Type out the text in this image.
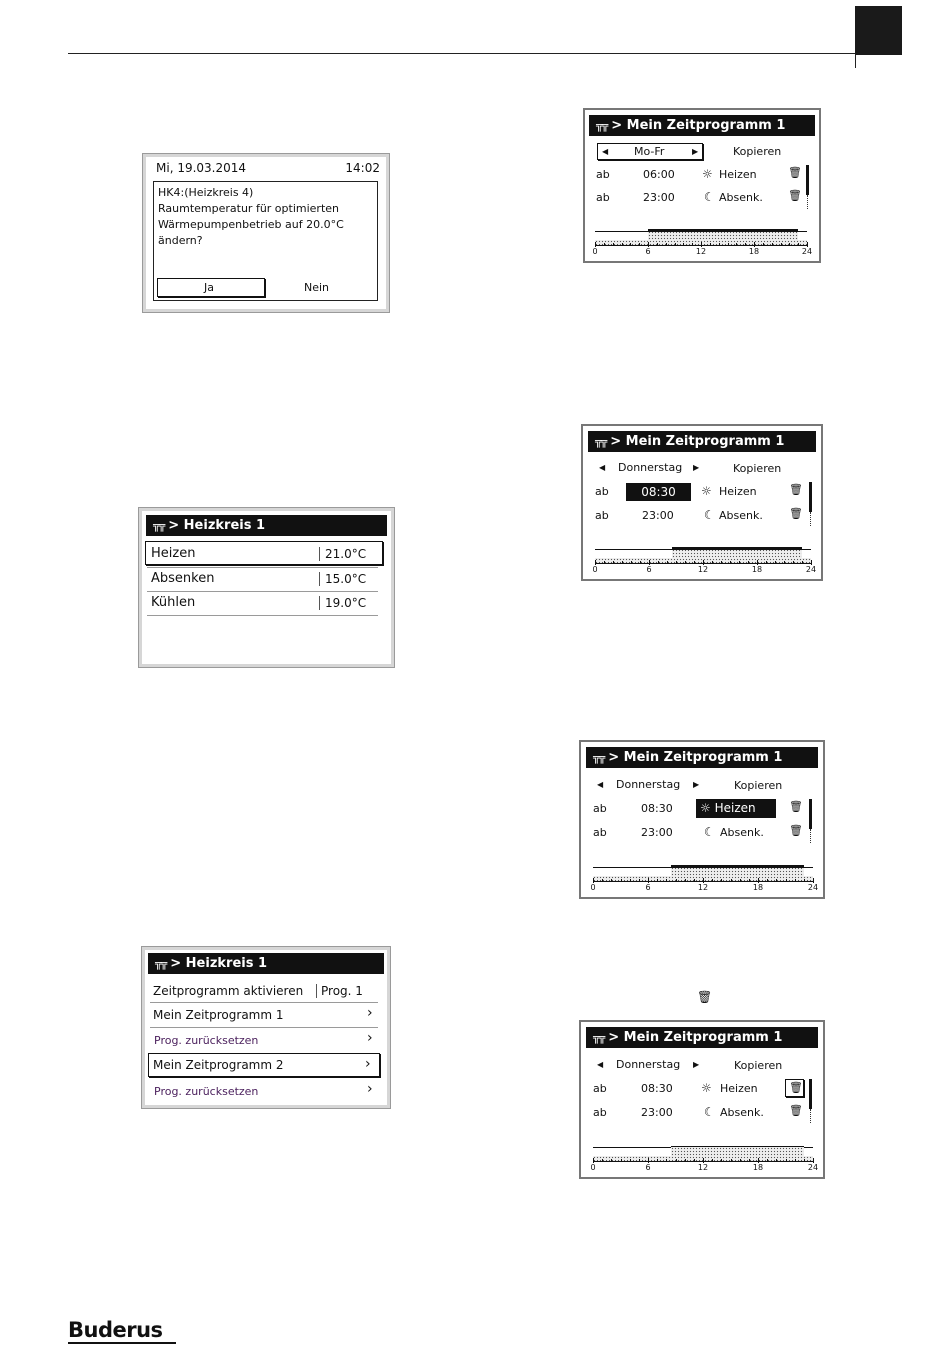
Mi, 19.03.2014	14:02
HK4:(Heizkreis 4)
Raumtemperatur für optimierten
Wärmepumpenbetrieb auf 20.0°C
ändern?
Ja	Nein
╦╦ > Heizkreis 1
Heizen	21.0°C
Absenken	15.0°C
Kühlen	19.0°C
╦╦ > Heizkreis 1
Zeitprogramm aktivieren Prog. 1
Mein Zeitprogramm 1	›
Prog. zurücksetzen	›
Mein Zeitprogramm 2	›
Prog. zurücksetzen	›
╦╦ > Mein Zeitprogramm 1
◀ Mo-Fr	▶	Kopieren
ab	06:00 ☼ Heizen	🗑
ab	23:00 ☾ Absenk. 🗑
0	6	12	18	24
╦╦ > Mein Zeitprogramm 1
◀ Donnerstag ▶	Kopieren
ab	08:30	☼ Heizen	🗑
ab	23:00	☾ Absenk. 🗑
0	6	12	18	24
╦╦ > Mein Zeitprogramm 1
◀ Donnerstag ▶	Kopieren
ab	08:30	☼ Heizen	🗑
ab	23:00	☾ Absenk. 🗑
0	6	12	18	24
🗑
╦╦ > Mein Zeitprogramm 1
◀ Donnerstag ▶	Kopieren
ab	08:30 ☼ Heizen	🗑
ab	23:00	☾ Absenk. 🗑
0	6	12	18	24
Buderus
